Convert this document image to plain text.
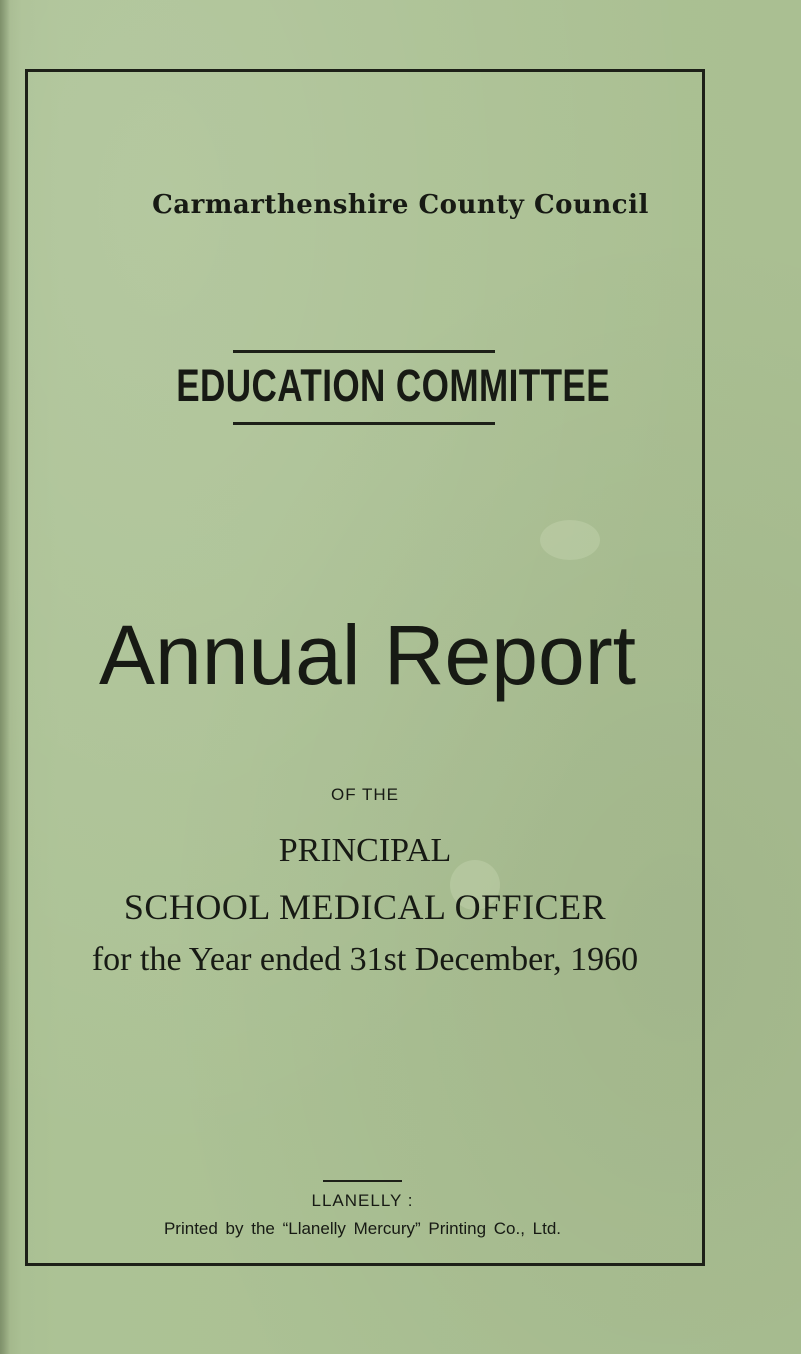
Carmarthenshire County Council
EDUCATION COMMITTEE
Annual Report
OF THE
PRINCIPAL
SCHOOL MEDICAL OFFICER
for the Year ended 31st December, 1960
LLANELLY :
Printed by the “Llanelly Mercury” Printing Co., Ltd.
